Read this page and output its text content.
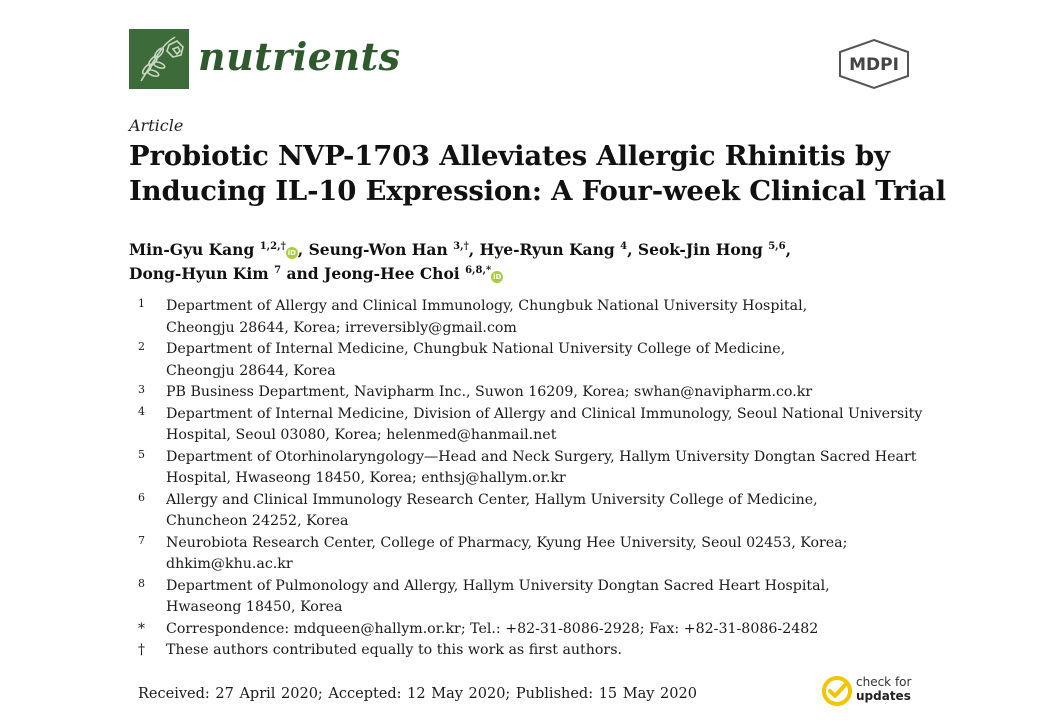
nutrients	MDPI
Article
Probiotic NVP-1703 Alleviates Allergic Rhinitis by
Inducing IL-10 Expression: A Four-week Clinical Trial
Min-Gyu Kang $^{1,2,\dagger}$iD , Seung-Won Han $^{3,\dagger}$, Hye-Ryun Kang $^4$, Seok-Jin Hong $^{5,6}$,
Dong-Hyun Kim $^7$ and Jeong-Hee Choi $^{6,8,*}$iD
1 Department of Allergy and Clinical Immunology, Chungbuk National University Hospital,
Cheongju 28644, Korea; irreversibly@gmail.com
2 Department of Internal Medicine, Chungbuk National University College of Medicine,
Cheongju 28644, Korea
3 PB Business Department, Navipharm Inc., Suwon 16209, Korea; swhan@navipharm.co.kr
4 Department of Internal Medicine, Division of Allergy and Clinical Immunology, Seoul National University
Hospital, Seoul 03080, Korea; helenmed@hanmail.net
5 Department of Otorhinolaryngology—Head and Neck Surgery, Hallym University Dongtan Sacred Heart
Hospital, Hwaseong 18450, Korea; enthsj@hallym.or.kr
6 Allergy and Clinical Immunology Research Center, Hallym University College of Medicine,
Chuncheon 24252, Korea
7 Neurobiota Research Center, College of Pharmacy, Kyung Hee University, Seoul 02453, Korea;
dhkim@khu.ac.kr
8 Department of Pulmonology and Allergy, Hallym University Dongtan Sacred Heart Hospital,
Hwaseong 18450, Korea
* Correspondence: mdqueen@hallym.or.kr; Tel.: +82-31-8086-2928; Fax: +82-31-8086-2482
† These authors contributed equally to this work as first authors.
Received: 27 April 2020; Accepted: 12 May 2020; Published: 15 May 2020
check for
updates
